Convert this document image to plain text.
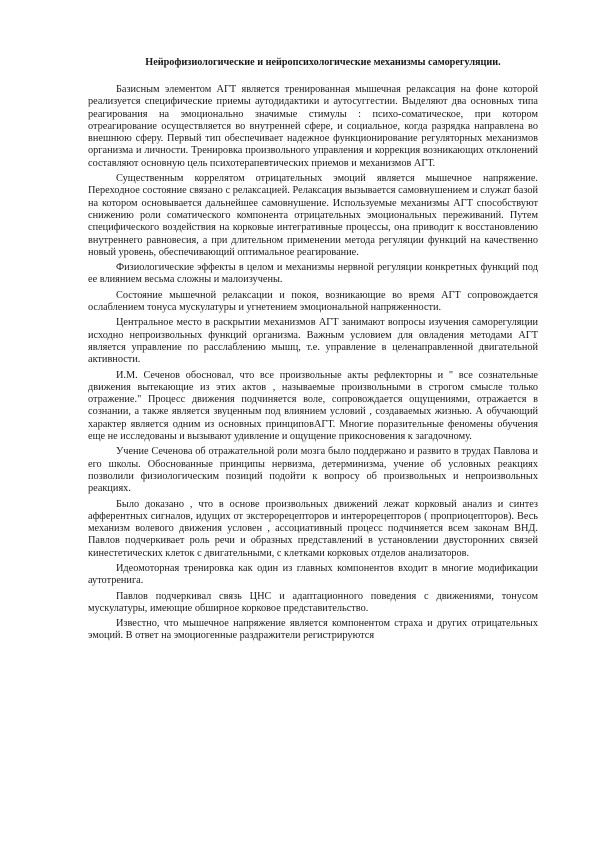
Нейрофизиологические и нейропсихологические механизмы саморегуляции.

Базисным элементом АГТ является тренированная мышечная релаксация на фоне которой реализуется специфические приемы аутодидактики и аутосуггестии. Выделяют два основных типа реагирования на эмоционально значимые стимулы : психо-соматическое, при котором отреагирование осуществляется во внутренней сфере, и социальное, когда разрядка направлена во внешнюю сферу. Первый тип обеспечивает надежное функционирование регуляторных механизмов организма и личности. Тренировка произвольного управления и коррекция возникающих отклонений составляют основную цель психотерапевтических приемов и механизмов АГТ.

Существенным коррелятом отрицательных эмоций является мышечное напряжение. Переходное состояние связано с релаксацией. Релаксация вызывается самовнушением и служат базой на котором основывается дальнейшее самовнушение. Используемые механизмы АГТ способствуют снижению роли соматического компонента отрицательных эмоциональных переживаний. Путем специфического воздействия на корковые интегративные процессы, она приводит к восстановлению внутреннего равновесия, а при длительном применении метода регуляции функций на качественно новый уровень, обеспечивающий оптимальное реагирование.

Физиологические эффекты в целом и механизмы нервной регуляции конкретных функций под ее влиянием весьма сложны и малоизучены.

Состояние мышечной релаксации и покоя, возникающие во время АГТ сопровождается ослаблением тонуса мускулатуры и угнетением эмоциональной напряженности.

Центральное место в раскрытии механизмов АГТ занимают вопросы изучения саморегуляции исходно непроизвольных функций организма. Важным условием для овладения методами АГТ является управление по расслаблению мышц, т.е. управление в целенаправленной двигательной активности.

И.М. Сеченов обосновал, что все произвольные акты рефлекторны и " все сознательные движения вытекающие из этих актов , называемые произвольными в строгом смысле только отражение." Процесс движения подчиняется воле, сопровождается ощущениями, отражается в сознании, а также является звуценным под влиянием условий , создаваемых жизнью. А обучающий характер является одним из основных принциповАГТ. Многие поразительные феномены обучения еще не исследованы и вызывают удивление и ощущение прикосновения к загадочному.

Учение Сеченова об отражательной роли мозга было поддержано и развито в трудах Павлова и его школы. Обоснованные принципы нервизма, детерминизма, учение об условных реакциях позволили физиологическим позиций подойти к вопросу об произвольных и непроизвольных реакциях.

Было доказано , что в основе произвольных движений лежат корковый анализ и синтез афферентных сигналов, идущих от экстерорецепторов и интерорецепторов ( проприоцепторов). Весь механизм волевого движения условен , ассоциативный процесс подчиняется всем законам ВНД. Павлов подчеркивает роль речи и образных представлений в установлении двусторонних связей кинестетических клеток с двигательными, с клетками корковых отделов анализаторов.

Идеомоторная тренировка как один из главных компонентов входит в многие модификации аутотренига.

Павлов подчеркивал связь ЦНС и адаптационного поведения с движениями, тонусом мускулатуры, имеющие обширное корковое представительство.

Известно, что мышечное напряжение является компонентом страха и других отрицательных эмоций. В ответ на эмоциогенные раздражители регистрируются
